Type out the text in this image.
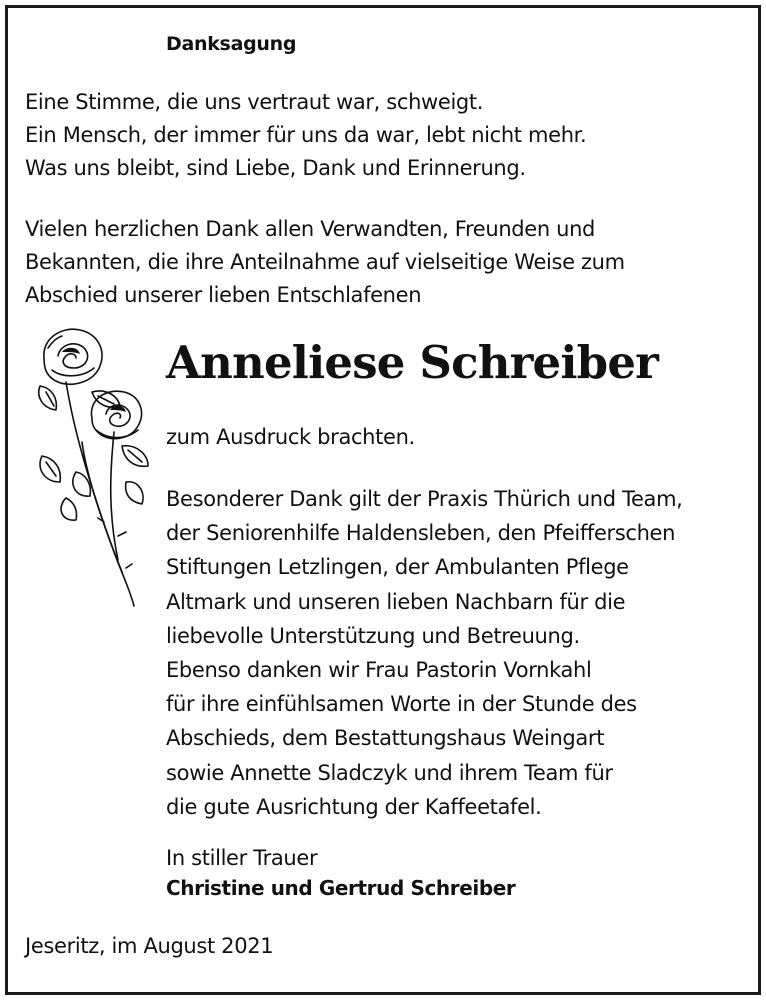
Danksagung
Eine Stimme, die uns vertraut war, schweigt.
Ein Mensch, der immer für uns da war, lebt nicht mehr.
Was uns bleibt, sind Liebe, Dank und Erinnerung.
Vielen herzlichen Dank allen Verwandten, Freunden und
Bekannten, die ihre Anteilnahme auf vielseitige Weise zum
Abschied unserer lieben Entschlafenen
Anneliese Schreiber
zum Ausdruck brachten.
Besonderer Dank gilt der Praxis Thürich und Team,
der Seniorenhilfe Haldensleben, den Pfeifferschen
Stiftungen Letzlingen, der Ambulanten Pflege
Altmark und unseren lieben Nachbarn für die
liebevolle Unterstützung und Betreuung.
Ebenso danken wir Frau Pastorin Vornkahl
für ihre einfühlsamen Worte in der Stunde des
Abschieds, dem Bestattungshaus Weingart
sowie Annette Sladczyk und ihrem Team für
die gute Ausrichtung der Kaffeetafel.
In stiller Trauer
Christine und Gertrud Schreiber
Jeseritz, im August 2021
